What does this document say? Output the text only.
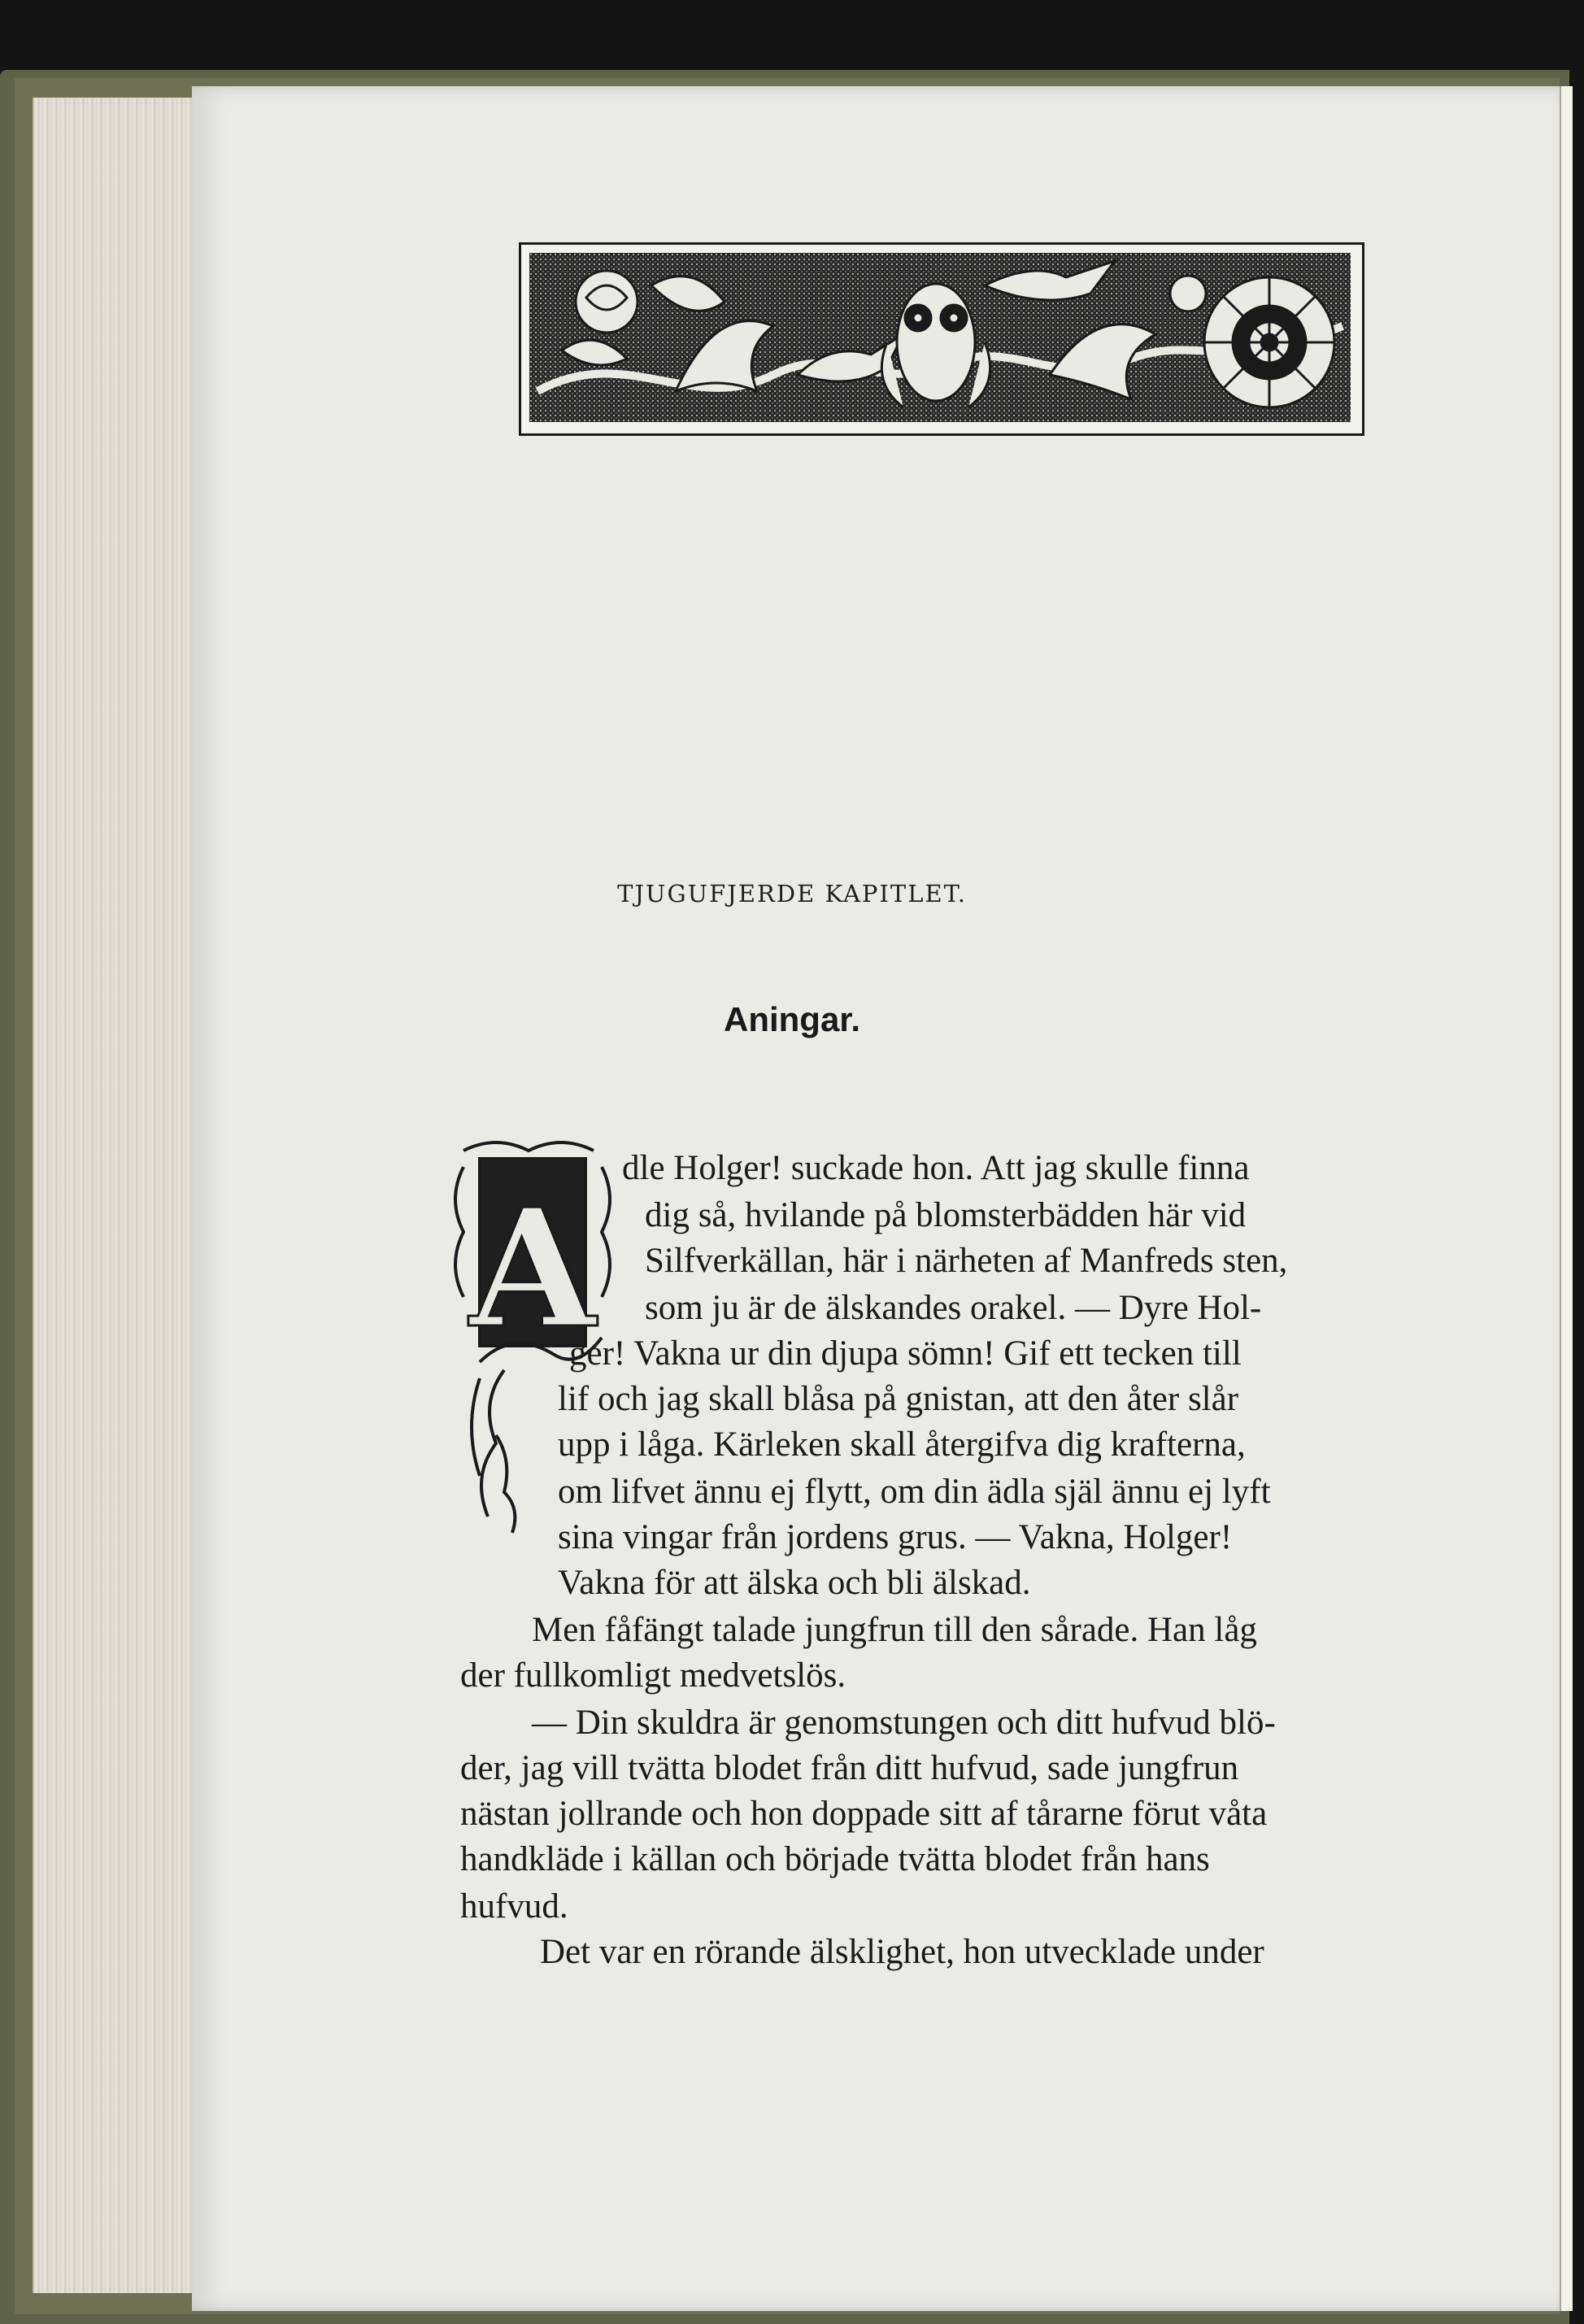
TJUGUFJERDE KAPITLET.
Aningar.
A
dle Holger! suckade hon. Att jag skulle finna
dig så, hvilande på blomsterbädden här vid
Silfverkällan, här i närheten af Manfreds sten,
som ju är de älskandes orakel. — Dyre Hol-
ger! Vakna ur din djupa sömn! Gif ett tecken till
lif och jag skall blåsa på gnistan, att den åter slår
upp i låga. Kärleken skall återgifva dig krafterna,
om lifvet ännu ej flytt, om din ädla själ ännu ej lyft
sina vingar från jordens grus. — Vakna, Holger!
Vakna för att älska och bli älskad.
Men fåfängt talade jungfrun till den sårade. Han låg
der fullkomligt medvetslös.
— Din skuldra är genomstungen och ditt hufvud blö-
der, jag vill tvätta blodet från ditt hufvud, sade jungfrun
nästan jollrande och hon doppade sitt af tårarne förut våta
handkläde i källan och började tvätta blodet från hans
hufvud.
Det var en rörande älsklighet, hon utvecklade under
